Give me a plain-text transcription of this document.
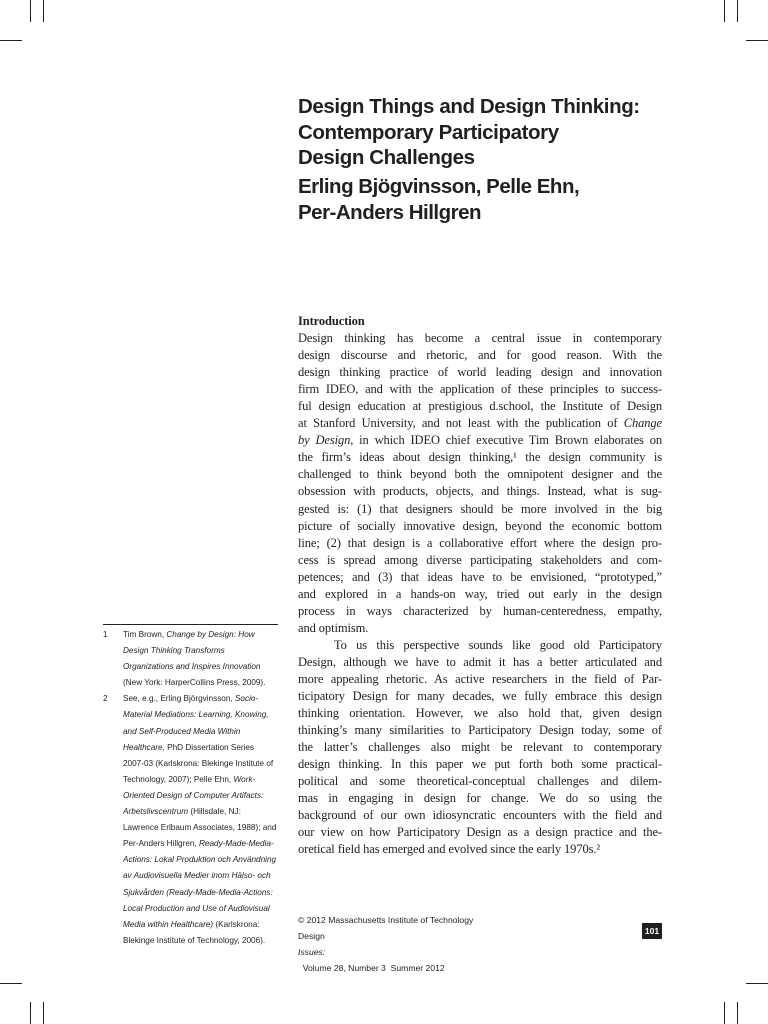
Design Things and Design Thinking:
Contemporary Participatory
Design Challenges
Erling Bjögvinsson, Pelle Ehn,
Per-Anders Hillgren
Introduction
Design thinking has become a central issue in contemporary
design discourse and rhetoric, and for good reason. With the
design thinking practice of world leading design and innovation
firm IDEO, and with the application of these principles to success-
ful design education at prestigious d.school, the Institute of Design
at Stanford University, and not least with the publication of Change
by Design, in which IDEO chief executive Tim Brown elaborates on
the firm’s ideas about design thinking,¹ the design community is
challenged to think beyond both the omnipotent designer and the
obsession with products, objects, and things. Instead, what is sug-
gested is: (1) that designers should be more involved in the big
picture of socially innovative design, beyond the economic bottom
line; (2) that design is a collaborative effort where the design pro-
cess is spread among diverse participating stakeholders and com-
petences; and (3) that ideas have to be envisioned, “prototyped,”
and explored in a hands-on way, tried out early in the design
process in ways characterized by human-centeredness, empathy,
and optimism.
To us this perspective sounds like good old Participatory
Design, although we have to admit it has a better articulated and
more appealing rhetoric. As active researchers in the field of Par-
ticipatory Design for many decades, we fully embrace this design
thinking orientation. However, we also hold that, given design
thinking’s many similarities to Participatory Design today, some of
the latter’s challenges also might be relevant to contemporary
design thinking. In this paper we put forth both some practical-
political and some theoretical-conceptual challenges and dilem-
mas in engaging in design for change. We do so using the
background of our own idiosyncratic encounters with the field and
our view on how Participatory Design as a design practice and the-
oretical field has emerged and evolved since the early 1970s.²
1 Tim Brown, Change by Design: How
Design Thinking Transforms
Organizations and Inspires Innovation
(New York: HarperCollins Press, 2009).
2 See, e.g., Erling Björgvinsson, Socio-
Material Mediations: Learning, Knowing,
and Self-Produced Media Within
Healthcare, PhD Dissertation Series
2007-03 (Karlskrona: Blekinge Institute of
Technology, 2007); Pelle Ehn, Work-
Oriented Design of Computer Artifacts:
Arbetslivscentrum (Hillsdale, NJ:
Lawrence Erlbaum Associates, 1988); and
Per-Anders Hillgren, Ready-Made-Media-
Actions: Lokal Produktion och Användning
av Audiovisuella Medier inom Hälso- och
Sjukvården (Ready-Made-Media-Actions:
Local Production and Use of Audiovisual
Media within Healthcare) (Karlskrona:
Blekinge Institute of Technology, 2006).
© 2012 Massachusetts Institute of Technology
Design
Issues:
Volume 28, Number 3  Summer 2012
101
